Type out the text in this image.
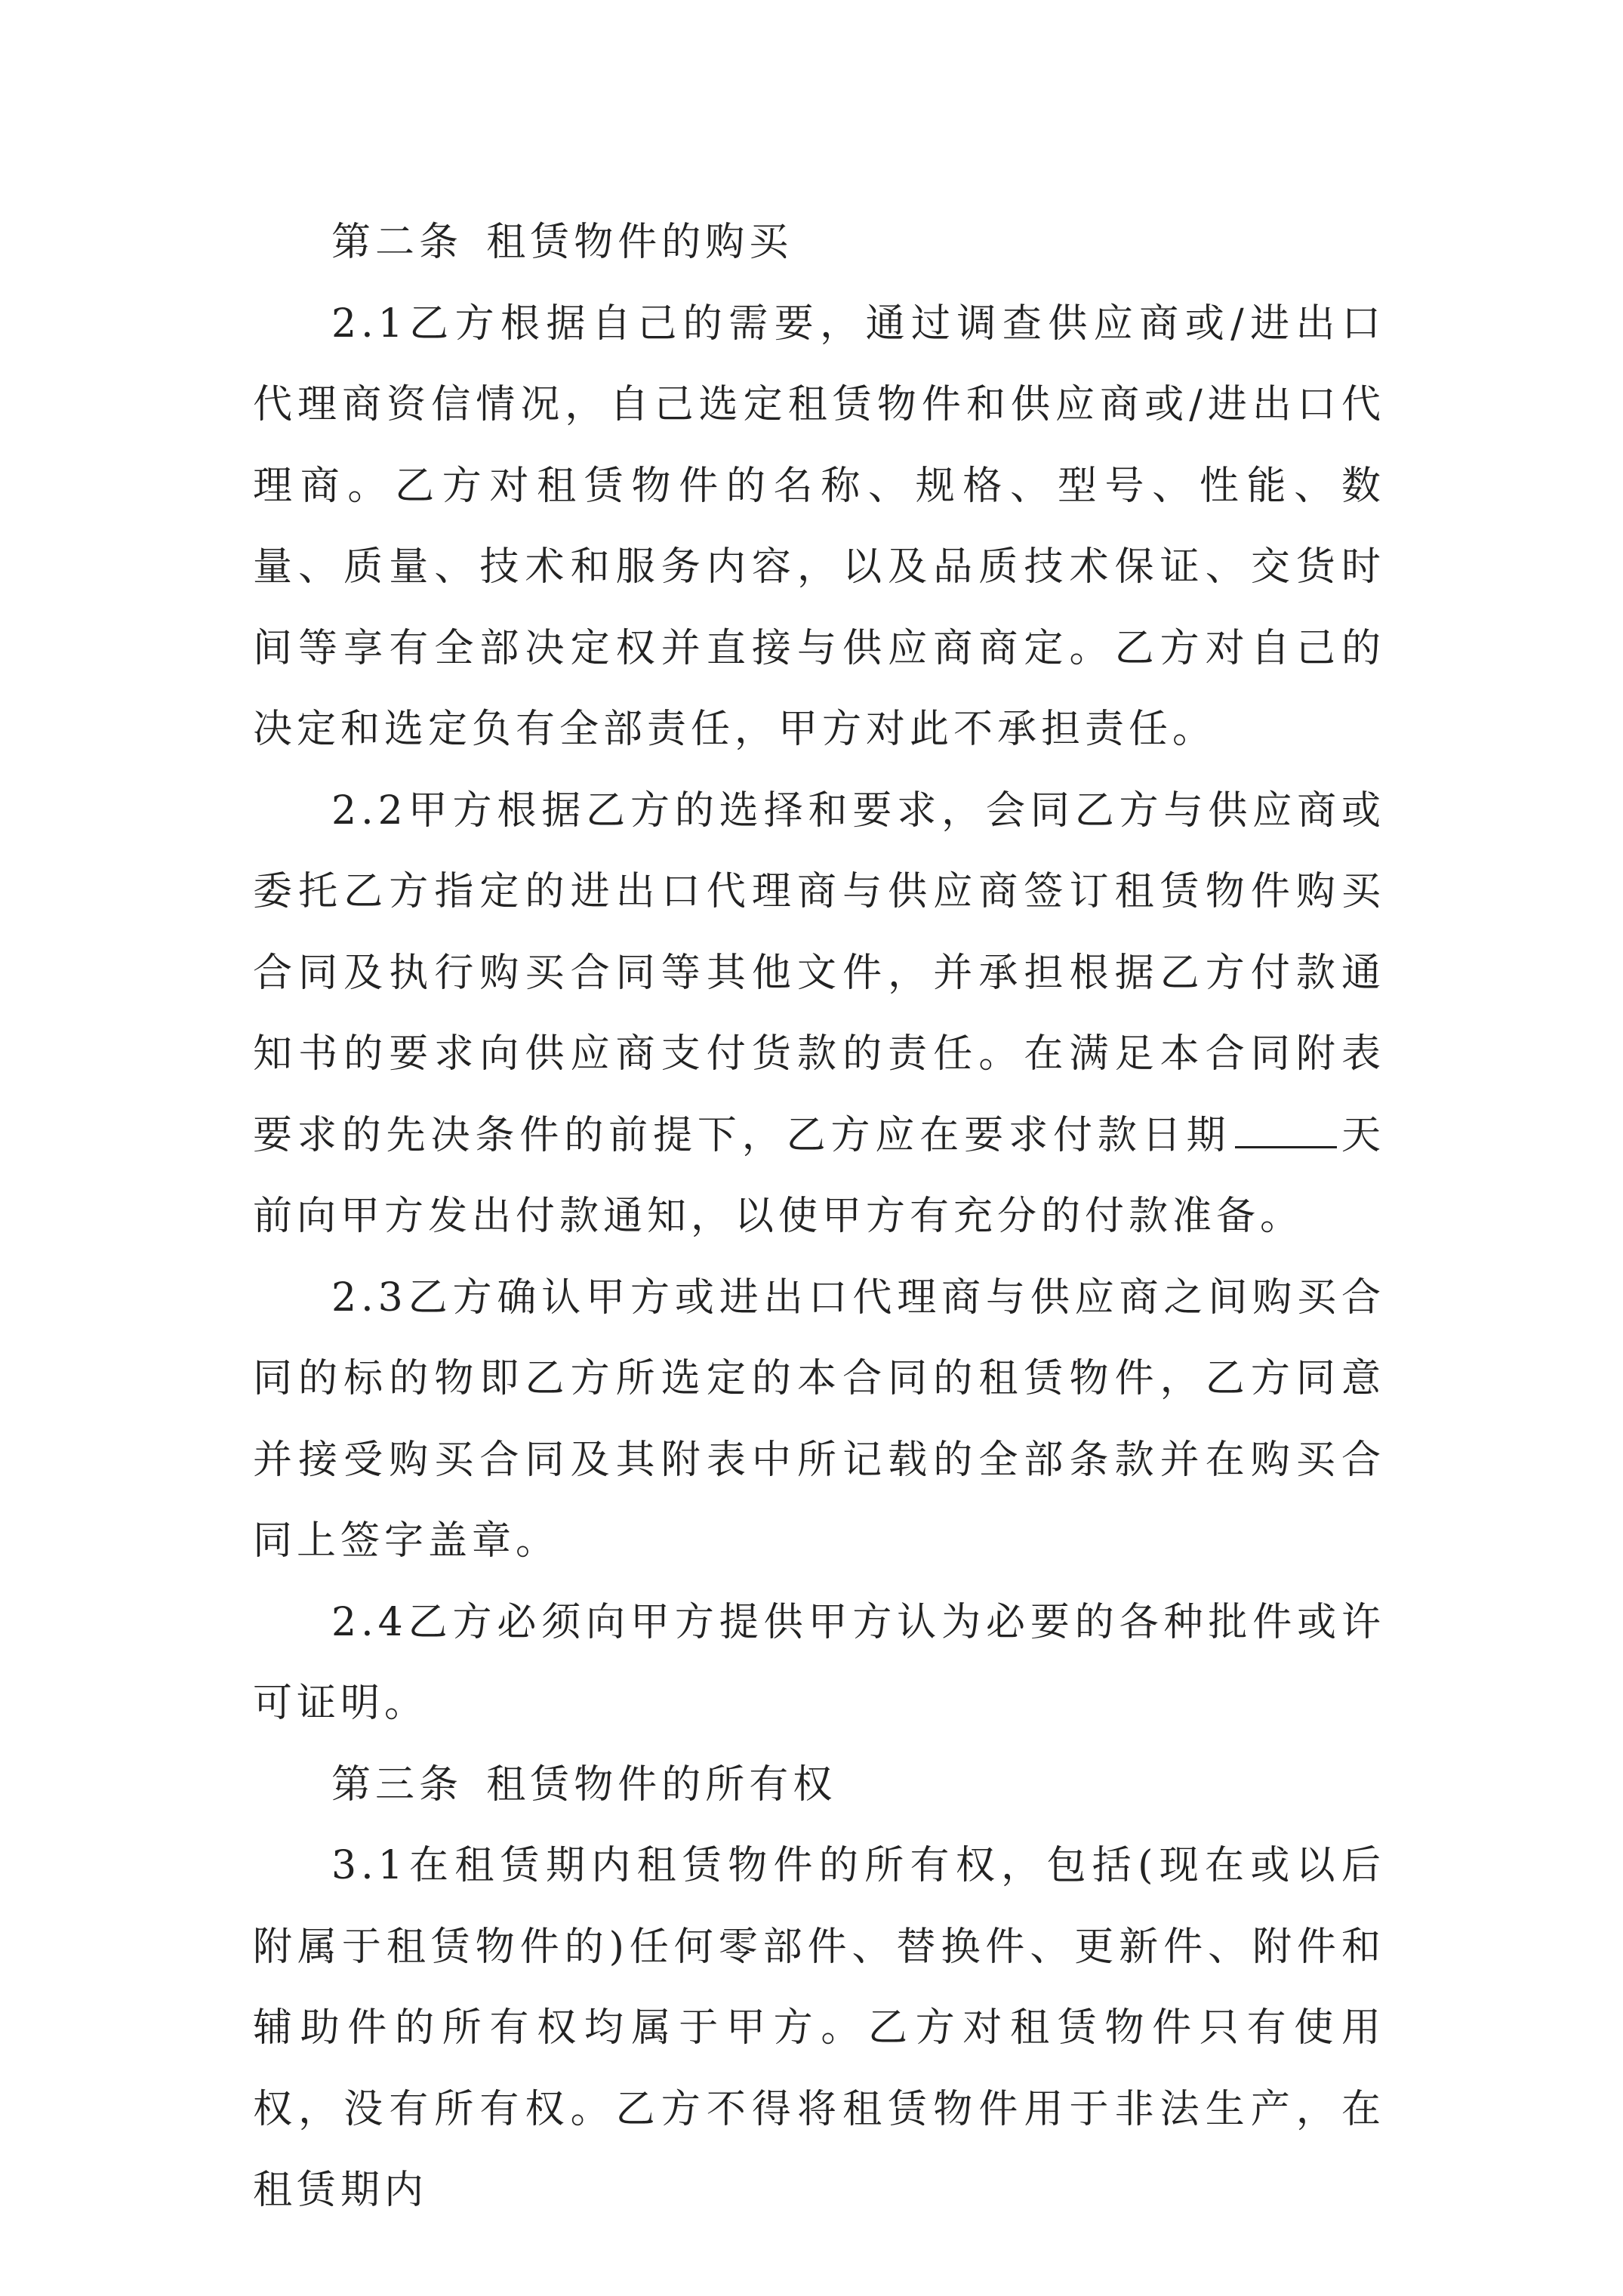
第二条 租赁物件的购买

2.1乙方根据自己的需要，通过调查供应商或/进出口代理商资信情况，自己选定租赁物件和供应商或/进出口代理商。乙方对租赁物件的名称、规格、型号、性能、数量、质量、技术和服务内容，以及品质技术保证、交货时间等享有全部决定权并直接与供应商商定。乙方对自己的决定和选定负有全部责任，甲方对此不承担责任。

2.2甲方根据乙方的选择和要求，会同乙方与供应商或委托乙方指定的进出口代理商与供应商签订租赁物件购买合同及执行购买合同等其他文件，并承担根据乙方付款通知书的要求向供应商支付货款的责任。在满足本合同附表要求的先决条件的前提下，乙方应在要求付款日期	天前向甲方发出付款通知，以使甲方有充分的付款准备。

2.3乙方确认甲方或进出口代理商与供应商之间购买合同的标的物即乙方所选定的本合同的租赁物件，乙方同意并接受购买合同及其附表中所记载的全部条款并在购买合同上签字盖章。

2.4乙方必须向甲方提供甲方认为必要的各种批件或许可证明。

第三条 租赁物件的所有权

3.1在租赁期内租赁物件的所有权，包括(现在或以后附属于租赁物件的)任何零部件、替换件、更新件、附件和辅助件的所有权均属于甲方。乙方对租赁物件只有使用权，没有所有权。乙方不得将租赁物件用于非法生产，在租赁期内
